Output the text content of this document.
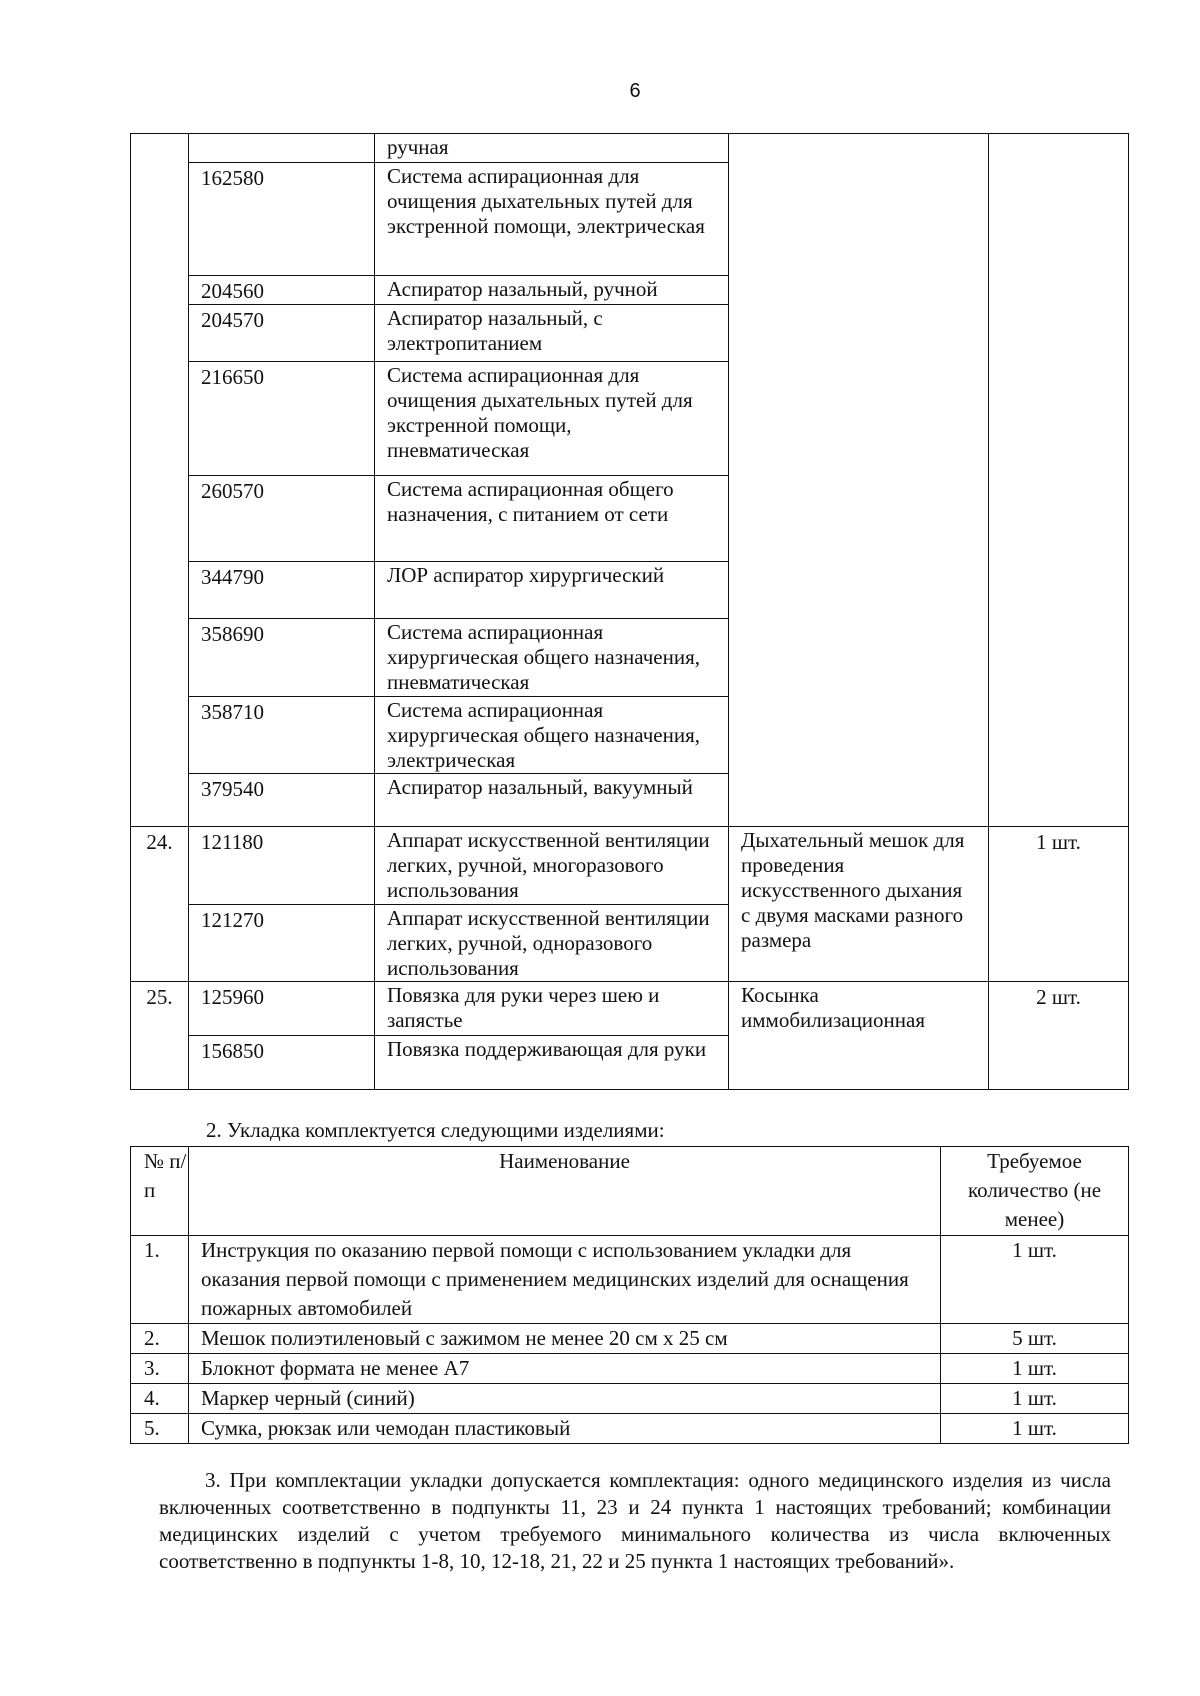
6
		ручная		
	162580	Система аспирационная для очищения дыхательных путей для экстренной помощи, электрическая		
	204560	Аспиратор назальный, ручной		
	204570	Аспиратор назальный, с электропитанием		
	216650	Система аспирационная для очищения дыхательных путей для экстренной помощи, пневматическая		
	260570	Система аспирационная общего назначения, с питанием от сети		
	344790	ЛОР аспиратор хирургический		
	358690	Система аспирационная хирургическая общего назначения, пневматическая		
	358710	Система аспирационная хирургическая общего назначения, электрическая		
	379540	Аспиратор назальный, вакуумный		
24.	121180	Аппарат искусственной вентиляции легких, ручной, многоразового использования	Дыхательный мешок для проведения искусственного дыхания с двумя масками разного размера	1 шт.
	121270	Аппарат искусственной вентиляции легких, ручной, одноразового использования		
25.	125960	Повязка для руки через шею и запястье	Косынка иммобилизационная	2 шт.
	156850	Повязка поддерживающая для руки		
2. Укладка комплектуется следующими изделиями:
№ п/ п	Наименование	Требуемое количество (не менее)
1.	Инструкция по оказанию первой помощи с использованием укладки для оказания первой помощи с применением медицинских изделий для оснащения пожарных автомобилей	1 шт.
2.	Мешок полиэтиленовый с зажимом не менее 20 см х 25 см	5 шт.
3.	Блокнот формата не менее А7	1 шт.
4.	Маркер черный (синий)	1 шт.
5.	Сумка, рюкзак или чемодан пластиковый	1 шт.

3. При комплектации укладки допускается комплектация: одного медицинского изделия из числа включенных соответственно в подпункты 11, 23 и 24 пункта 1 настоящих требований; комбинации медицинских изделий с учетом требуемого минимального количества из числа включенных соответственно в подпункты 1-8, 10, 12-18, 21, 22 и 25 пункта 1 настоящих требований».
